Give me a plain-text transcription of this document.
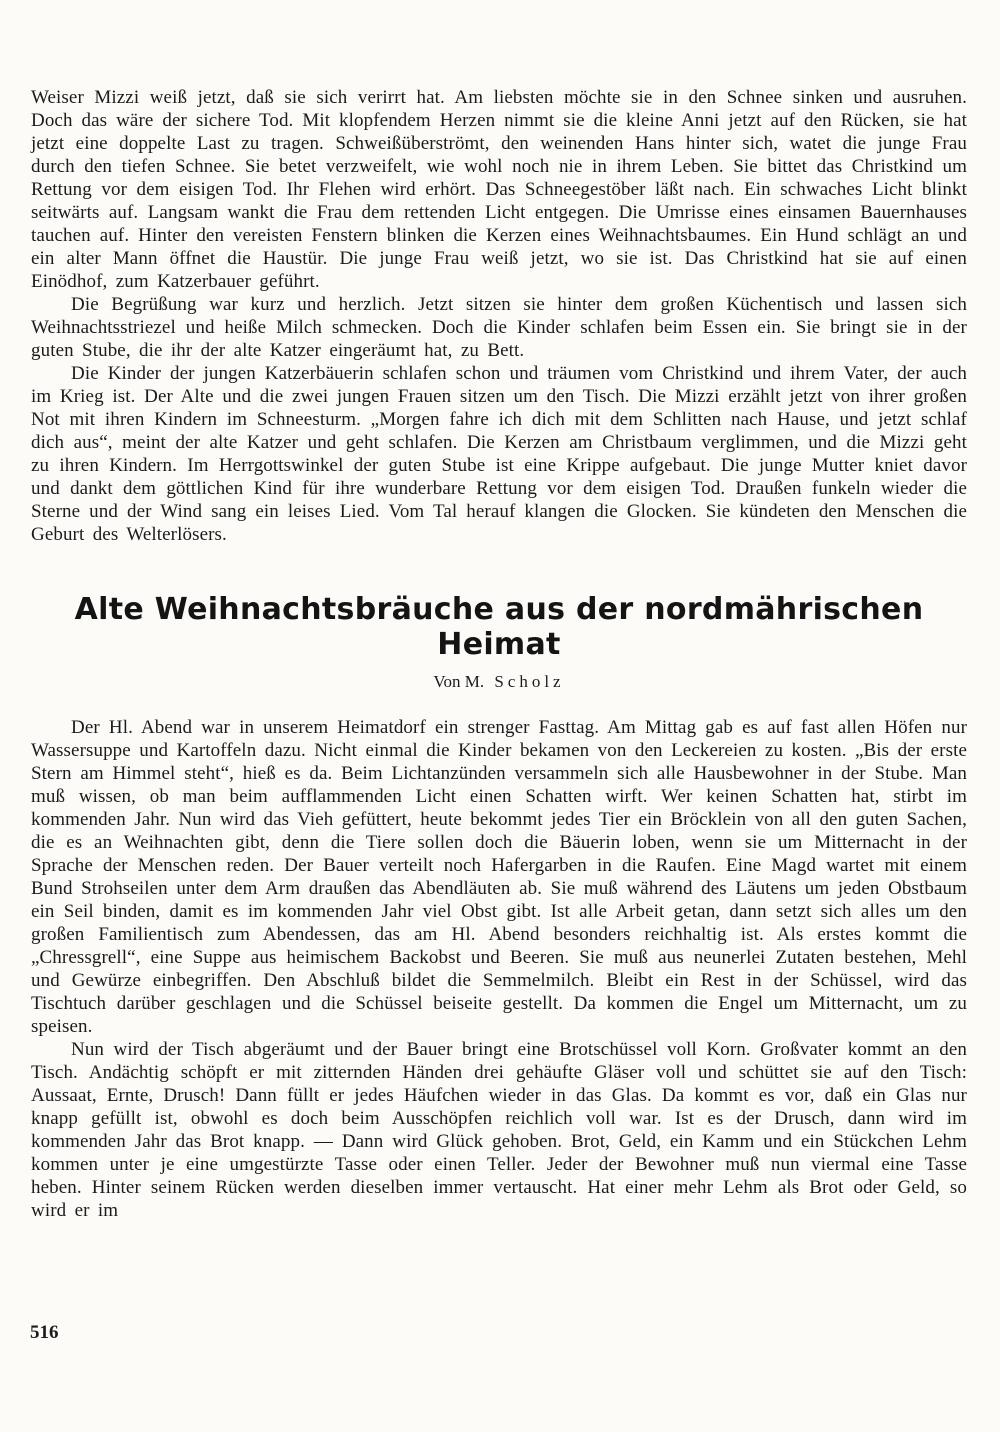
Weiser Mizzi weiß jetzt, daß sie sich verirrt hat. Am liebsten möchte sie in den Schnee sinken und ausruhen. Doch das wäre der sichere Tod. Mit klopfendem Herzen nimmt sie die kleine Anni jetzt auf den Rücken, sie hat jetzt eine doppelte Last zu tragen. Schweißüberströmt, den weinenden Hans hinter sich, watet die junge Frau durch den tiefen Schnee. Sie betet verzweifelt, wie wohl noch nie in ihrem Leben. Sie bittet das Christkind um Rettung vor dem eisigen Tod. Ihr Flehen wird erhört. Das Schneegestöber läßt nach. Ein schwaches Licht blinkt seitwärts auf. Langsam wankt die Frau dem rettenden Licht entgegen. Die Umrisse eines einsamen Bauernhauses tauchen auf. Hinter den vereisten Fenstern blinken die Kerzen eines Weihnachtsbaumes. Ein Hund schlägt an und ein alter Mann öffnet die Haustür. Die junge Frau weiß jetzt, wo sie ist. Das Christkind hat sie auf einen Einödhof, zum Katzerbauer geführt.

Die Begrüßung war kurz und herzlich. Jetzt sitzen sie hinter dem großen Küchentisch und lassen sich Weihnachtsstriezel und heiße Milch schmecken. Doch die Kinder schlafen beim Essen ein. Sie bringt sie in der guten Stube, die ihr der alte Katzer eingeräumt hat, zu Bett.

Die Kinder der jungen Katzerbäuerin schlafen schon und träumen vom Christkind und ihrem Vater, der auch im Krieg ist. Der Alte und die zwei jungen Frauen sitzen um den Tisch. Die Mizzi erzählt jetzt von ihrer großen Not mit ihren Kindern im Schneesturm. „Morgen fahre ich dich mit dem Schlitten nach Hause, und jetzt schlaf dich aus“, meint der alte Katzer und geht schlafen. Die Kerzen am Christbaum verglimmen, und die Mizzi geht zu ihren Kindern. Im Herrgottswinkel der guten Stube ist eine Krippe aufgebaut. Die junge Mutter kniet davor und dankt dem göttlichen Kind für ihre wunderbare Rettung vor dem eisigen Tod. Draußen funkeln wieder die Sterne und der Wind sang ein leises Lied. Vom Tal herauf klangen die Glocken. Sie kündeten den Menschen die Geburt des Welterlösers.

Alte Weihnachtsbräuche aus der nordmährischen Heimat
Von M. Scholz

Der Hl. Abend war in unserem Heimatdorf ein strenger Fasttag. Am Mittag gab es auf fast allen Höfen nur Wassersuppe und Kartoffeln dazu. Nicht einmal die Kinder bekamen von den Leckereien zu kosten. „Bis der erste Stern am Himmel steht“, hieß es da. Beim Lichtanzünden versammeln sich alle Hausbewohner in der Stube. Man muß wissen, ob man beim aufflammenden Licht einen Schatten wirft. Wer keinen Schatten hat, stirbt im kommenden Jahr. Nun wird das Vieh gefüttert, heute bekommt jedes Tier ein Bröcklein von all den guten Sachen, die es an Weihnachten gibt, denn die Tiere sollen doch die Bäuerin loben, wenn sie um Mitternacht in der Sprache der Menschen reden. Der Bauer verteilt noch Hafergarben in die Raufen. Eine Magd wartet mit einem Bund Strohseilen unter dem Arm draußen das Abendläuten ab. Sie muß während des Läutens um jeden Obstbaum ein Seil binden, damit es im kommenden Jahr viel Obst gibt. Ist alle Arbeit getan, dann setzt sich alles um den großen Familientisch zum Abendessen, das am Hl. Abend besonders reichhaltig ist. Als erstes kommt die „Chressgrell“, eine Suppe aus heimischem Backobst und Beeren. Sie muß aus neunerlei Zutaten bestehen, Mehl und Gewürze einbegriffen. Den Abschluß bildet die Semmelmilch. Bleibt ein Rest in der Schüssel, wird das Tischtuch darüber geschlagen und die Schüssel beiseite gestellt. Da kommen die Engel um Mitternacht, um zu speisen.

Nun wird der Tisch abgeräumt und der Bauer bringt eine Brotschüssel voll Korn. Großvater kommt an den Tisch. Andächtig schöpft er mit zitternden Händen drei gehäufte Gläser voll und schüttet sie auf den Tisch: Aussaat, Ernte, Drusch! Dann füllt er jedes Häufchen wieder in das Glas. Da kommt es vor, daß ein Glas nur knapp gefüllt ist, obwohl es doch beim Ausschöpfen reichlich voll war. Ist es der Drusch, dann wird im kommenden Jahr das Brot knapp. — Dann wird Glück gehoben. Brot, Geld, ein Kamm und ein Stückchen Lehm kommen unter je eine umgestürzte Tasse oder einen Teller. Jeder der Bewohner muß nun viermal eine Tasse heben. Hinter seinem Rücken werden dieselben immer vertauscht. Hat einer mehr Lehm als Brot oder Geld, so wird er im

516
